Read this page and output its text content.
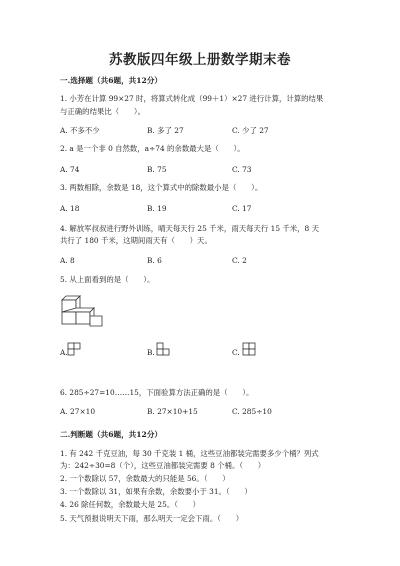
苏教版四年级上册数学期末卷
一.选择题（共6题，共12分）
1. 小芳在计算 99×27 时，将算式转化成（99＋1）×27 进行计算，计算的结果
与正确的结果比（　　）。
A. 不多不少	B. 多了 27	C. 少了 27
2. a 是一个非 0 自然数，a÷74 的余数最大是（　　）。
A. 74	B. 75	C. 73
3. 两数相除，余数是 18，这个算式中的除数最小是（　　）。
A. 18	B. 19	C. 17
4. 解放军叔叔进行野外训练，晴天每天行 25 千米，雨天每天行 15 千米，8 天
共行了 180 千米，这期间雨天有（　　）天。
A. 8	B. 6	C. 2
5. 从上面看到的是（　　）。
A.	B.	C.
6. 285÷27=10……15，下面验算方法正确的是（　　）。
A. 27×10	B. 27×10+15	C. 285÷10
二.判断题（共6题，共12分）
1. 有 242 千克豆油，每 30 千克装 1 桶，这些豆油都装完需要多少个桶？列式
为：242÷30=8（个），这些豆油都装完需要 8 个桶。（　　）
2. 一个数除以 57，余数最大的只能是 56。（　　）
3. 一个数除以 31，如果有余数，余数要小于 31。（　　）
4. 26 除任何数，余数最大是 25。（　　）
5. 天气预报说明天下雨，那么明天一定会下雨。（　　）
